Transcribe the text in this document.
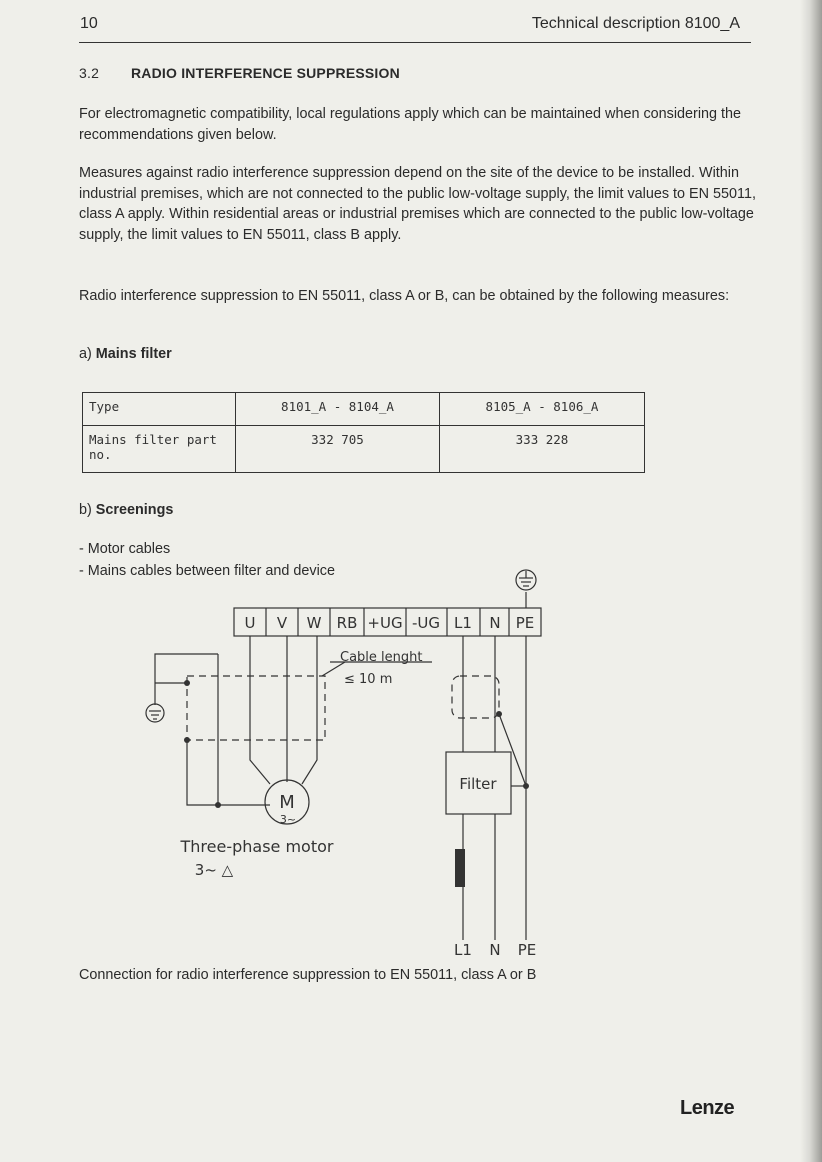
10	Technical description 8100_A
3.2 RADIO INTERFERENCE SUPPRESSION
For electromagnetic compatibility, local regulations apply which can be maintained when considering the recommendations given below.
Measures against radio interference suppression depend on the site of the device to be installed. Within industrial premises, which are not connected to the public low-voltage supply, the limit values to EN 55011, class A apply. Within residential areas or industrial premises which are connected to the public low-voltage supply, the limit values to EN 55011, class B apply.
Radio interference suppression to EN 55011, class A or B, can be obtained by the following measures:
a) Mains filter
Type	8101_A - 8104_A	8105_A - 8106_A
Mains filter part no.	332 705	333 228
b) Screenings
- Motor cables
- Mains cables between filter and device
U V W RB +UG -UG L1 N PE
Cable lenght
≤ 10 m
Filter
M
3~
Three-phase motor
3~ △
L1 N PE
Connection for radio interference suppression to EN 55011, class A or B
Lenze
